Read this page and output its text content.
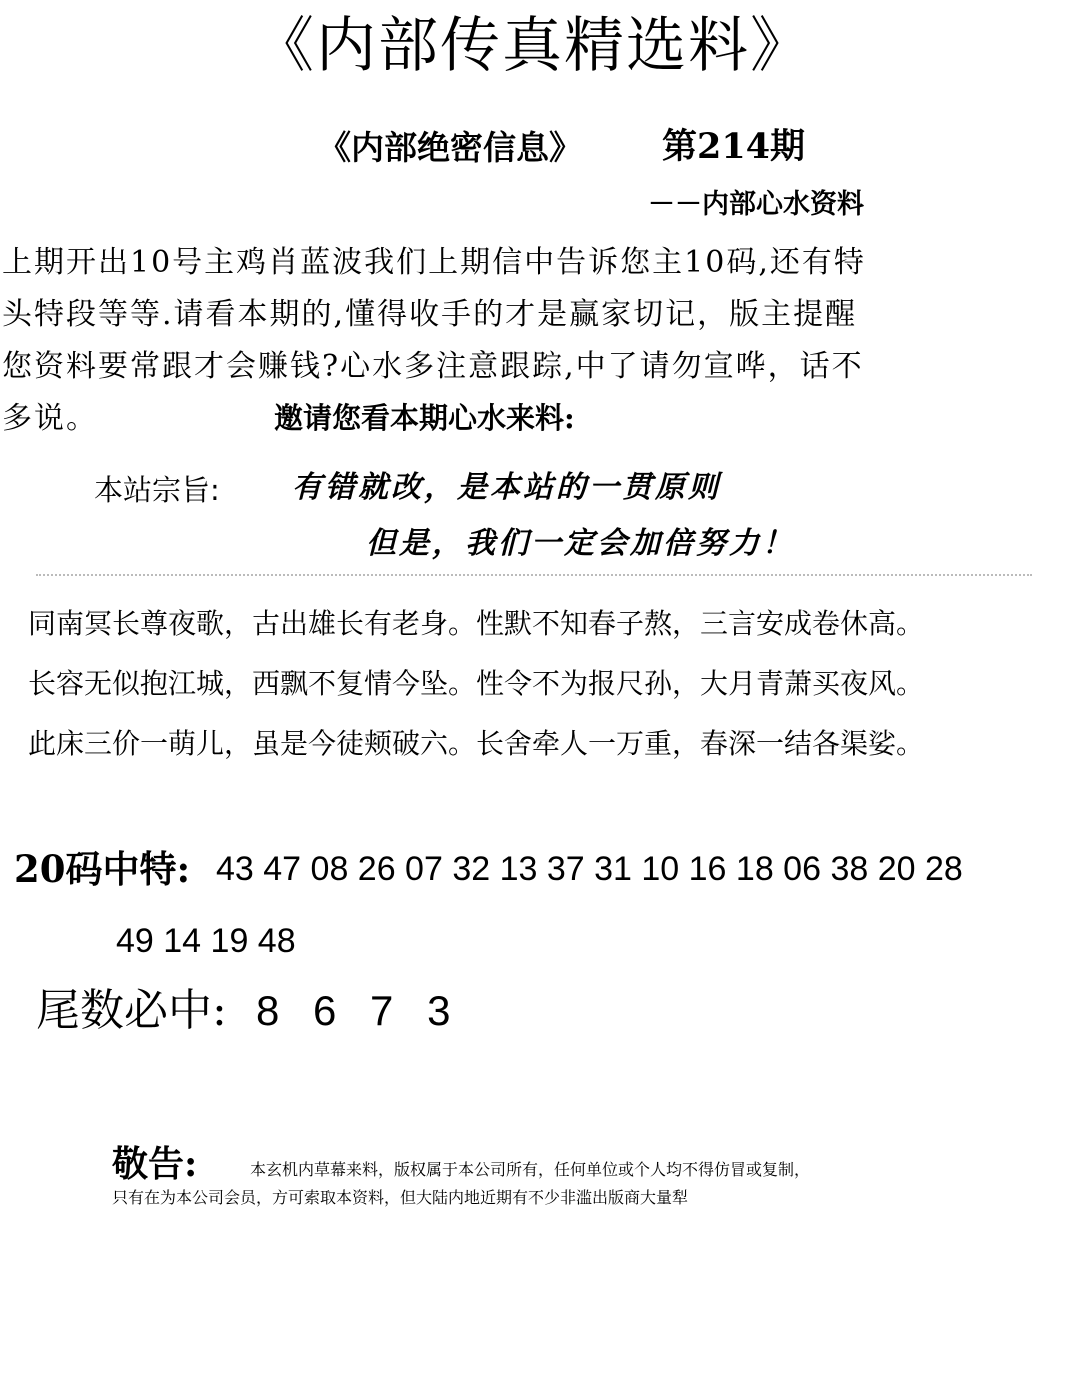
《内部传真精选料》
《内部绝密信息》 第214期
－－内部心水资料
上期开出10号主鸡肖蓝波我们上期信中告诉您主10码,还有特
头特段等等.请看本期的,懂得收手的才是赢家切记，版主提醒
您资料要常跟才会赚钱?心水多注意跟踪,中了请勿宣哗，话不
多说。	邀请您看本期心水来料:
本站宗旨: 有错就改，是本站的一贯原则
但是，我们一定会加倍努力！
同南冥长尊夜歌，古出雄长有老身。性默不知春子熬，三言安成卷休高。
长容无似抱江城，西飘不复情今坠。性令不为报尺孙，大月青萧买夜风。
此床三价一萌儿，虽是今徒颊破六。长舍牵人一万重，春深一结各渠娑。
20码中特: 43 47 08 26 07 32 13 37 31 10 16 18 06 38 20 28
49 14 19 48
尾数必中: 8 6 7 3
敬告:	本玄机内草幕来料，版权属于本公司所有，任何单位或个人均不得仿冒或复制，
只有在为本公司会员，方可索取本资料，但大陆内地近期有不少非滥出版商大量犁
